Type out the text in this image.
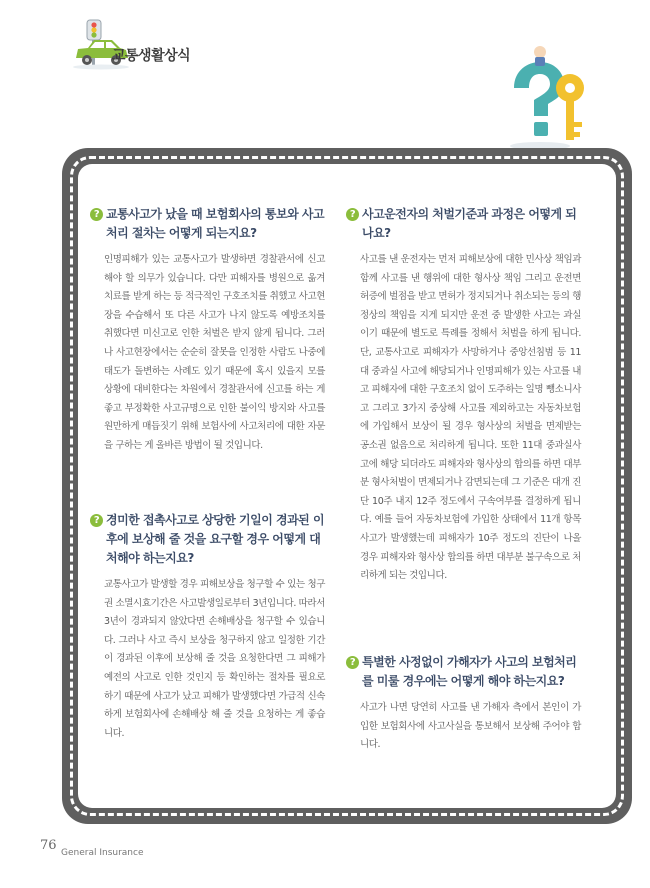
교통생활상식
? 교통사고가 났을 때 보험회사의 통보와 사고처리 절차는 어떻게 되는지요?
인명피해가 있는 교통사고가 발생하면 경찰관서에 신고해야 할 의무가 있습니다. 다만 피해자를 병원으로 옮겨 치료를 받게 하는 등 적극적인 구호조치를 취했고 사고현장을 수습해서 또 다른 사고가 나지 않도록 예방조치를 취했다면 미신고로 인한 처벌은 받지 않게 됩니다. 그러나 사고현장에서는 순순히 잘못을 인정한 사람도 나중에 태도가 돌변하는 사례도 있기 때문에 혹시 있을지 모를 상황에 대비한다는 차원에서 경찰관서에 신고를 하는 게 좋고 부정확한 사고규명으로 인한 불이익 방지와 사고를 원만하게 매듭짓기 위해 보험사에 사고처리에 대한 자문을 구하는 게 올바른 방법이 될 것입니다.
? 경미한 접촉사고로 상당한 기일이 경과된 이후에 보상해 줄 것을 요구할 경우 어떻게 대처해야 하는지요?
교통사고가 발생할 경우 피해보상을 청구할 수 있는 청구권 소멸시효기간은 사고발생일로부터 3년입니다. 따라서 3년이 경과되지 않았다면 손해배상을 청구할 수 있습니다. 그러나 사고 즉시 보상을 청구하지 않고 일정한 기간이 경과된 이후에 보상해 줄 것을 요청한다면 그 피해가 예전의 사고로 인한 것인지 등 확인하는 절차를 필요로 하기 때문에 사고가 났고 피해가 발생했다면 가급적 신속하게 보험회사에 손해배상 해 줄 것을 요청하는 게 좋습니다.
? 사고운전자의 처벌기준과 과정은 어떻게 되나요?
사고를 낸 운전자는 먼저 피해보상에 대한 민사상 책임과 함께 사고를 낸 행위에 대한 형사상 책임 그리고 운전면허증에 벌점을 받고 면허가 정지되거나 취소되는 등의 행정상의 책임을 지게 되지만 운전 중 발생한 사고는 과실이기 때문에 별도로 특례를 정해서 처벌을 하게 됩니다. 단, 교통사고로 피해자가 사망하거나 중앙선침범 등 11대 중과실 사고에 해당되거나 인명피해가 있는 사고를 내고 피해자에 대한 구호조치 없이 도주하는 일명 뺑소니사고 그리고 3가지 중상해 사고를 제외하고는 자동차보험에 가입해서 보상이 될 경우 형사상의 처벌을 면제받는 공소권 없음으로 처리하게 됩니다. 또한 11대 중과실사고에 해당 되더라도 피해자와 형사상의 합의를 하면 대부분 형사처벌이 면제되거나 감면되는데 그 기준은 대개 진단 10주 내지 12주 정도에서 구속여부를 결정하게 됩니다. 예를 들어 자동차보험에 가입한 상태에서 11개 항목 사고가 발생했는데 피해자가 10주 정도의 진단이 나올 경우 피해자와 형사상 합의를 하면 대부분 불구속으로 처리하게 되는 것입니다.
? 특별한 사정없이 가해자가 사고의 보험처리를 미룰 경우에는 어떻게 해야 하는지요?
사고가 나면 당연히 사고를 낸 가해자 측에서 본인이 가입한 보험회사에 사고사실을 통보해서 보상해 주어야 합니다.
76 General Insurance
